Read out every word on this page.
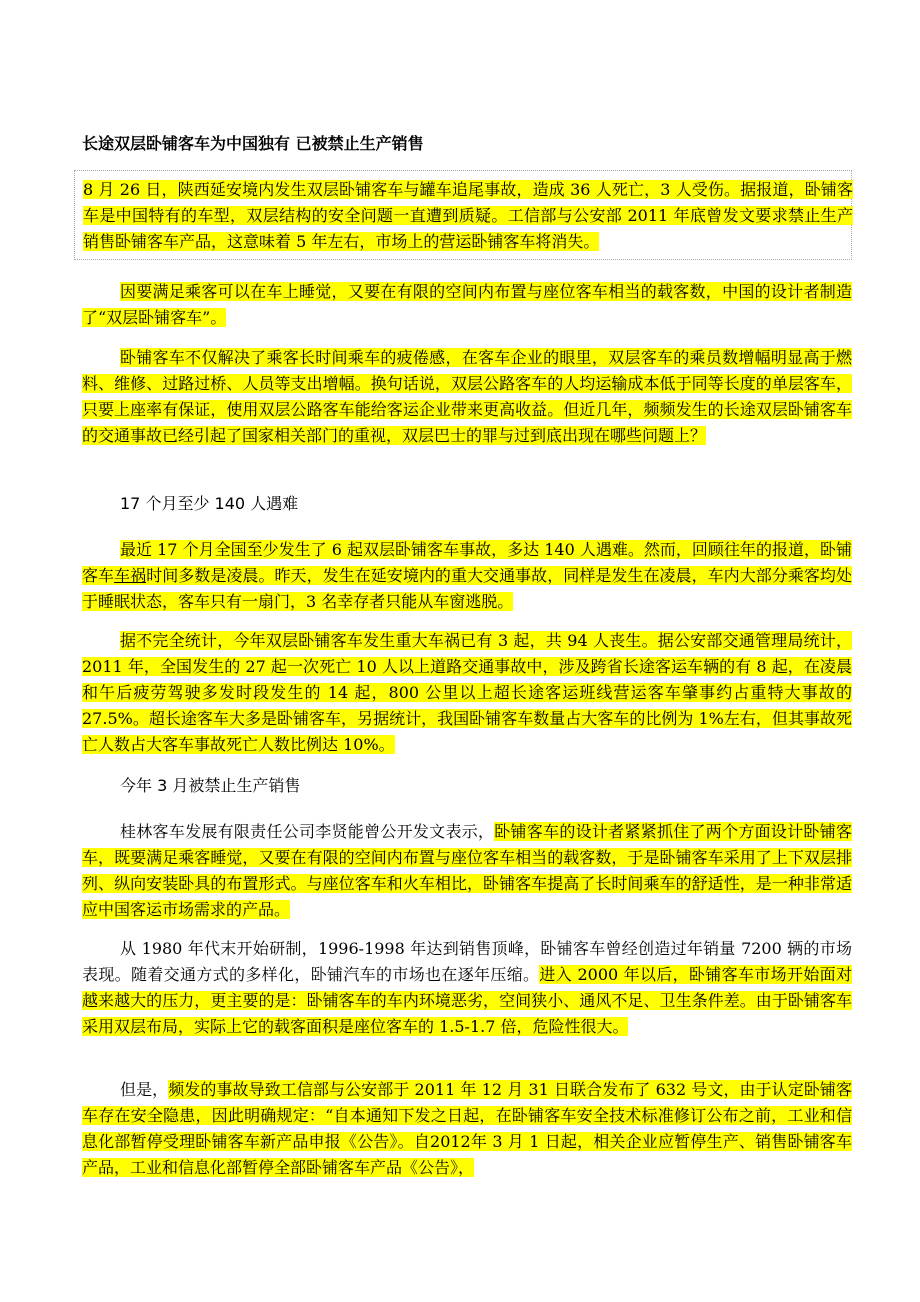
长途双层卧铺客车为中国独有 已被禁止生产销售
8 月 26 日，陕西延安境内发生双层卧铺客车与罐车追尾事故，造成 36 人死亡，3 人受伤。据报道，卧铺客车是中国特有的车型，双层结构的安全问题一直遭到质疑。工信部与公安部 2011 年底曾发文要求禁止生产销售卧铺客车产品，这意味着 5 年左右，市场上的营运卧铺客车将消失。
因要满足乘客可以在车上睡觉，又要在有限的空间内布置与座位客车相当的载客数，中国的设计者制造了“双层卧铺客车”。
卧铺客车不仅解决了乘客长时间乘车的疲倦感，在客车企业的眼里，双层客车的乘员数增幅明显高于燃料、维修、过路过桥、人员等支出增幅。换句话说，双层公路客车的人均运输成本低于同等长度的单层客车，只要上座率有保证，使用双层公路客车能给客运企业带来更高收益。但近几年，频频发生的长途双层卧铺客车的交通事故已经引起了国家相关部门的重视，双层巴士的罪与过到底出现在哪些问题上？
17 个月至少 140 人遇难
最近 17 个月全国至少发生了 6 起双层卧铺客车事故，多达 140 人遇难。然而，回顾往年的报道，卧铺客车车祸时间多数是凌晨。昨天，发生在延安境内的重大交通事故，同样是发生在凌晨，车内大部分乘客均处于睡眠状态，客车只有一扇门，3 名幸存者只能从车窗逃脱。
据不完全统计，今年双层卧铺客车发生重大车祸已有 3 起，共 94 人丧生。据公安部交通管理局统计，2011 年，全国发生的 27 起一次死亡 10 人以上道路交通事故中，涉及跨省长途客运车辆的有 8 起，在凌晨和午后疲劳驾驶多发时段发生的 14 起，800 公里以上超长途客运班线营运客车肇事约占重特大事故的 27.5%。超长途客车大多是卧铺客车，另据统计，我国卧铺客车数量占大客车的比例为 1%左右，但其事故死亡人数占大客车事故死亡人数比例达 10%。
今年 3 月被禁止生产销售
桂林客车发展有限责任公司李贤能曾公开发文表示，卧铺客车的设计者紧紧抓住了两个方面设计卧铺客车，既要满足乘客睡觉，又要在有限的空间内布置与座位客车相当的载客数，于是卧铺客车采用了上下双层排列、纵向安装卧具的布置形式。与座位客车和火车相比，卧铺客车提高了长时间乘车的舒适性，是一种非常适应中国客运市场需求的产品。
从 1980 年代末开始研制，1996-1998 年达到销售顶峰，卧铺客车曾经创造过年销量 7200 辆的市场表现。随着交通方式的多样化，卧铺汽车的市场也在逐年压缩。进入 2000 年以后，卧铺客车市场开始面对越来越大的压力，更主要的是：卧铺客车的车内环境恶劣，空间狭小、通风不足、卫生条件差。由于卧铺客车采用双层布局，实际上它的载客面积是座位客车的 1.5-1.7 倍，危险性很大。
但是，频发的事故导致工信部与公安部于 2011 年 12 月 31 日联合发布了 632 号文，由于认定卧铺客车存在安全隐患，因此明确规定：“自本通知下发之日起，在卧铺客车安全技术标准修订公布之前，工业和信息化部暂停受理卧铺客车新产品申报《公告》。自2012年 3 月 1 日起，相关企业应暂停生产、销售卧铺客车产品，工业和信息化部暂停全部卧铺客车产品《公告》，
